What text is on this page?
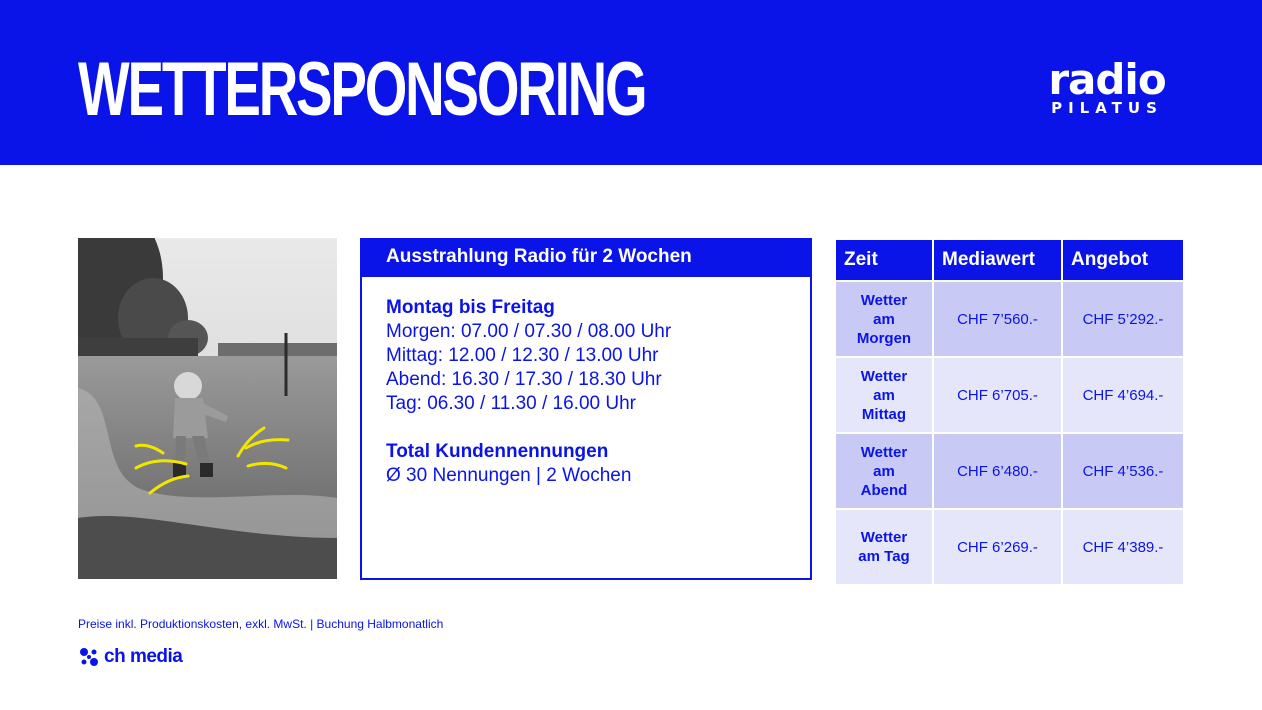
WETTERSPONSORING	radio
PILATUS
Ausstrahlung Radio für 2 Wochen
Montag bis Freitag
Morgen: 07.00 / 07.30 / 08.00 Uhr
Mittag: 12.00 / 12.30 / 13.00 Uhr
Abend: 16.30 / 17.30 / 18.30 Uhr
Tag: 06.30 / 11.30 / 16.00 Uhr
Total Kundennennungen
Ø 30 Nennungen | 2 Wochen
Zeit	Mediawert	Angebot
Wetter
am
Morgen	CHF 7’560.-	CHF 5’292.-
Wetter
am
Mittag	CHF 6’705.-	CHF 4’694.-
Wetter
am
Abend	CHF 6’480.-	CHF 4’536.-
Wetter
am Tag	CHF 6’269.-	CHF 4’389.-
Preise inkl. Produktionskosten, exkl. MwSt. | Buchung Halbmonatlich
ch media
